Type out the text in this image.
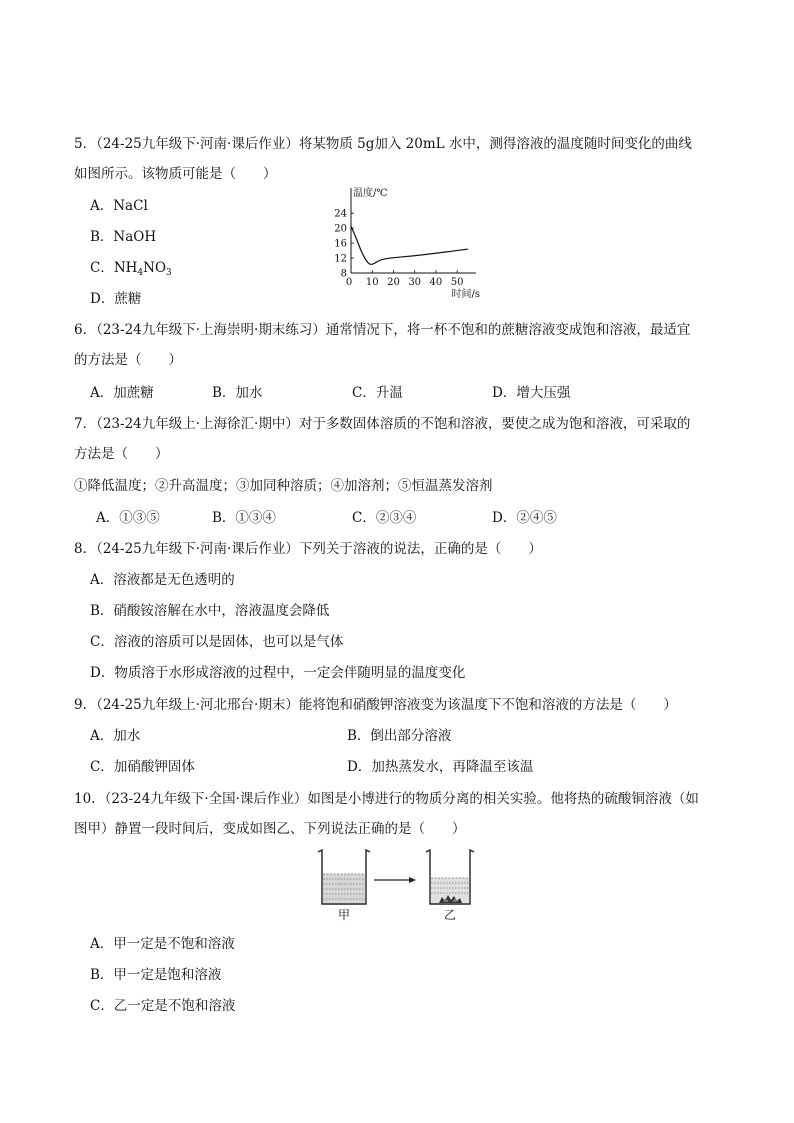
5．（24-25九年级下·河南·课后作业）将某物质 5g加入 20mL 水中，测得溶液的温度随时间变化的曲线
如图所示。该物质可能是（　　）
A．NaCl
B．NaOH
C．$NH_4NO_3$
D．蔗糖
温度/℃
时间/s
0 10 20 30 40 50
8
12
16
20
24
6．（23-24九年级下·上海崇明·期末练习）通常情况下，将一杯不饱和的蔗糖溶液变成饱和溶液，最适宜
的方法是（　　）
A．加蔗糖	B．加水	C．升温	D．增大压强
7．（23-24九年级上·上海徐汇·期中）对于多数固体溶质的不饱和溶液，要使之成为饱和溶液，可采取的
方法是（　　）
①降低温度；②升高温度；③加同种溶质；④加溶剂；⑤恒温蒸发溶剂
A．①③⑤	B．①③④	C．②③④	D．②④⑤
8．（24-25九年级下·河南·课后作业）下列关于溶液的说法，正确的是（　　）
A．溶液都是无色透明的
B．硝酸铵溶解在水中，溶液温度会降低
C．溶液的溶质可以是固体，也可以是气体
D．物质溶于水形成溶液的过程中，一定会伴随明显的温度变化
9．（24-25九年级上·河北邢台·期末）能将饱和硝酸钾溶液变为该温度下不饱和溶液的方法是（　　）
A．加水	B．倒出部分溶液
C．加硝酸钾固体	D．加热蒸发水，再降温至该温
10．（23-24九年级下·全国·课后作业）如图是小博进行的物质分离的相关实验。他将热的硫酸铜溶液（如
图甲）静置一段时间后，变成如图乙、下列说法正确的是（　　）
甲	乙
A．甲一定是不饱和溶液
B．甲一定是饱和溶液
C．乙一定是不饱和溶液
